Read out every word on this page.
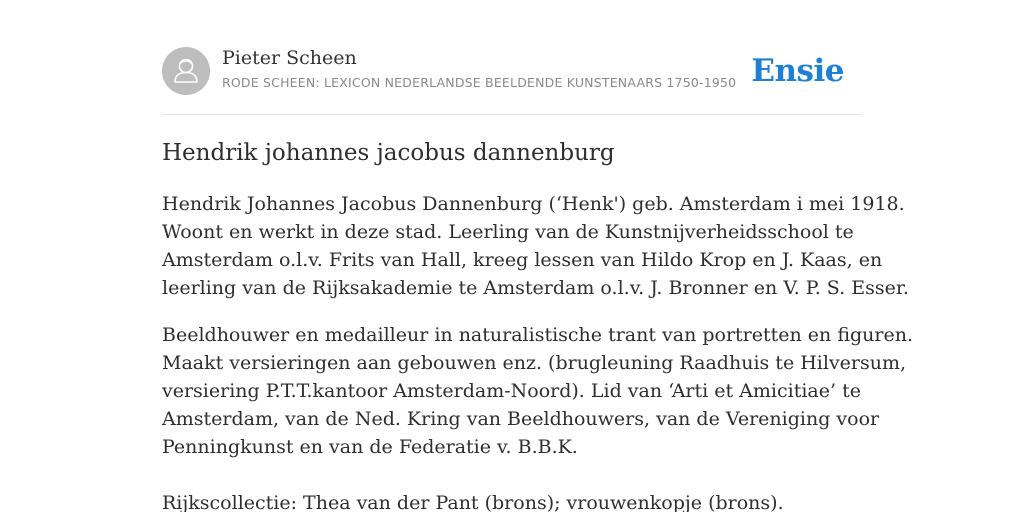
Pieter Scheen
RODE SCHEEN: LEXICON NEDERLANDSE BEELDENDE KUNSTENAARS 1750-1950 Ensie
Hendrik johannes jacobus dannenburg

Hendrik Johannes Jacobus Dannenburg (‘Henk') geb. Amsterdam i mei 1918.
Woont en werkt in deze stad. Leerling van de Kunstnijverheidsschool te
Amsterdam o.l.v. Frits van Hall, kreeg lessen van Hildo Krop en J. Kaas, en
leerling van de Rijksakademie te Amsterdam o.l.v. J. Bronner en V. P. S. Esser.

Beeldhouwer en medailleur in naturalistische trant van portretten en figuren.
Maakt versieringen aan gebouwen enz. (brugleuning Raadhuis te Hilversum,
versiering P.T.T.kantoor Amsterdam-Noord). Lid van ‘Arti et Amicitiae’ te
Amsterdam, van de Ned. Kring van Beeldhouwers, van de Vereniging voor
Penningkunst en van de Federatie v. B.B.K.
Rijkscollectie: Thea van der Pant (brons); vrouwenkopje (brons).
